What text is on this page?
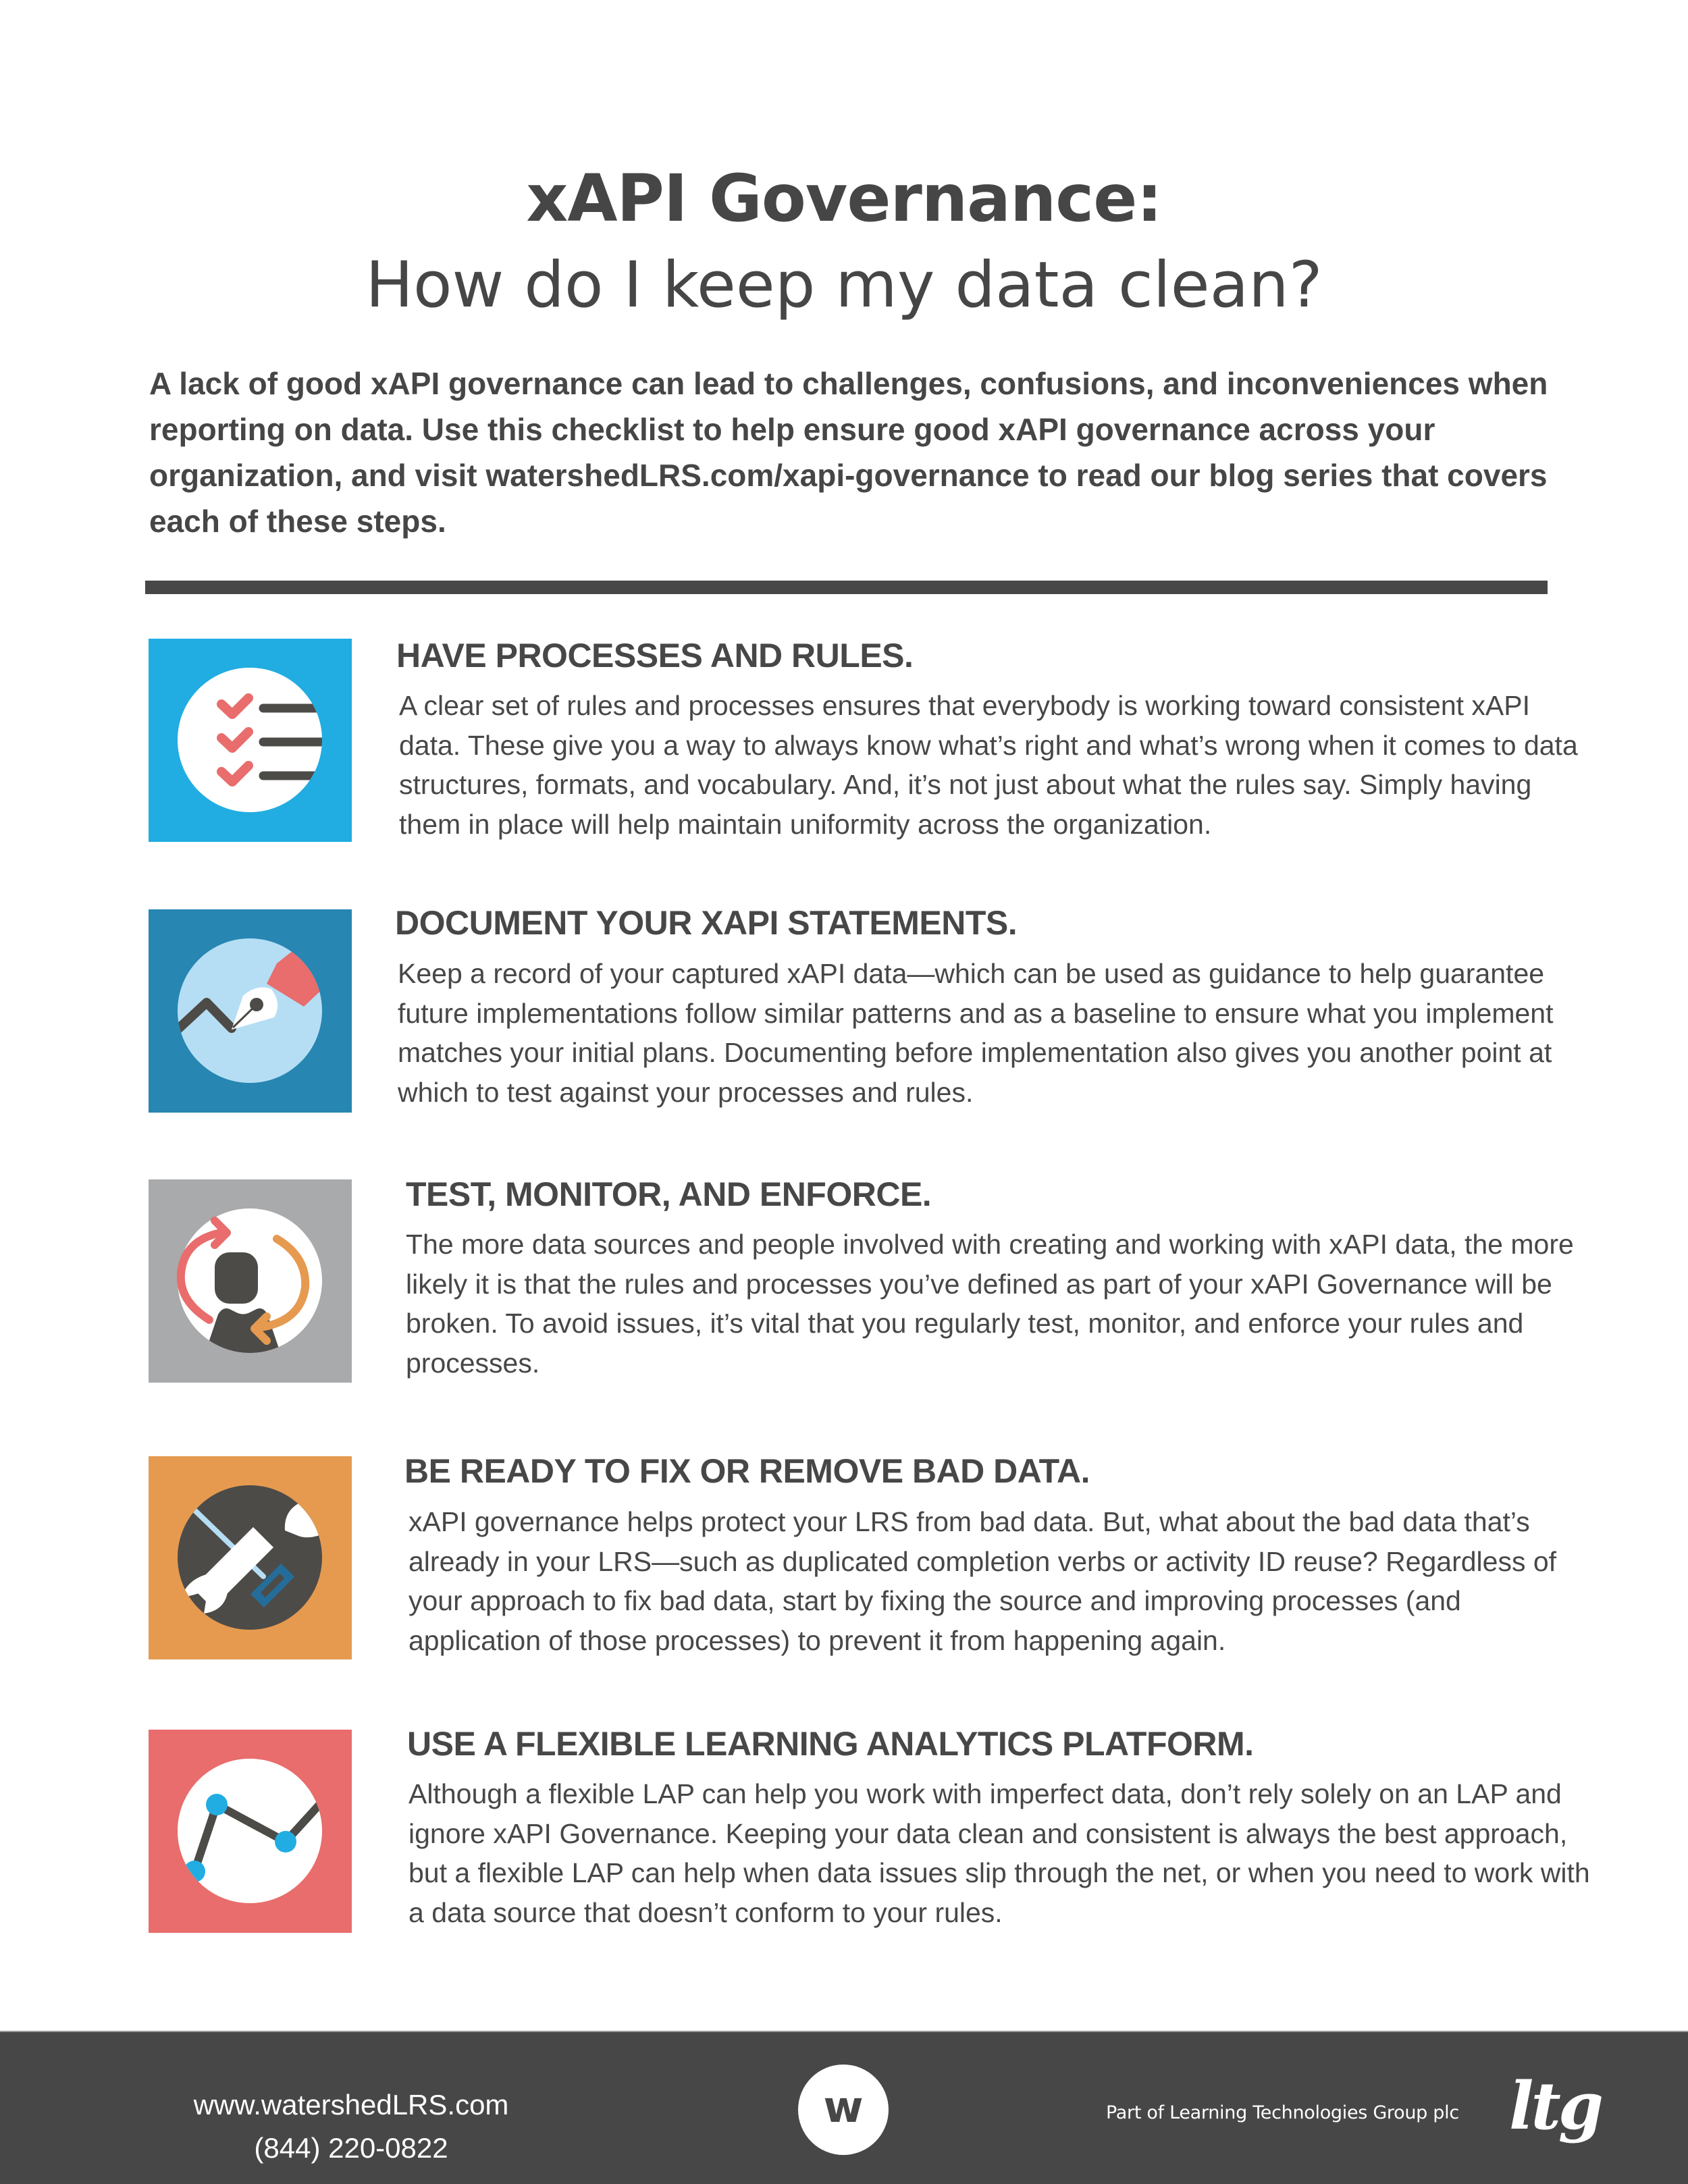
xAPI Governance:
How do I keep my data clean?
A lack of good xAPI governance can lead to challenges, confusions, and inconveniences when reporting on data. Use this checklist to help ensure good xAPI governance across your organization, and visit watershedLRS.com/xapi-governance to read our blog series that covers each of these steps.
HAVE PROCESSES AND RULES.
A clear set of rules and processes ensures that everybody is working toward consistent xAPI data. These give you a way to always know what’s right and what’s wrong when it comes to data structures, formats, and vocabulary. And, it’s not just about what the rules say. Simply having them in place will help maintain uniformity across the organization.
DOCUMENT YOUR XAPI STATEMENTS.
Keep a record of your captured xAPI data—which can be used as guidance to help guarantee future implementations follow similar patterns and as a baseline to ensure what you implement matches your initial plans. Documenting before implementation also gives you another point at which to test against your processes and rules.
TEST, MONITOR, AND ENFORCE.
The more data sources and people involved with creating and working with xAPI data, the more likely it is that the rules and processes you’ve defined as part of your xAPI Governance will be broken. To avoid issues, it’s vital that you regularly test, monitor, and enforce your rules and processes.
BE READY TO FIX OR REMOVE BAD DATA.
xAPI governance helps protect your LRS from bad data. But, what about the bad data that’s already in your LRS—such as duplicated completion verbs or activity ID reuse? Regardless of your approach to fix bad data, start by fixing the source and improving processes (and application of those processes) to prevent it from happening again.
USE A FLEXIBLE LEARNING ANALYTICS PLATFORM.
Although a flexible LAP can help you work with imperfect data, don’t rely solely on an LAP and ignore xAPI Governance. Keeping your data clean and consistent is always the best approach, but a flexible LAP can help when data issues slip through the net, or when you need to work with a data source that doesn’t conform to your rules.
www.watershedLRS.com
(844) 220-0822
w	Part of Learning Technologies Group plc ltg
